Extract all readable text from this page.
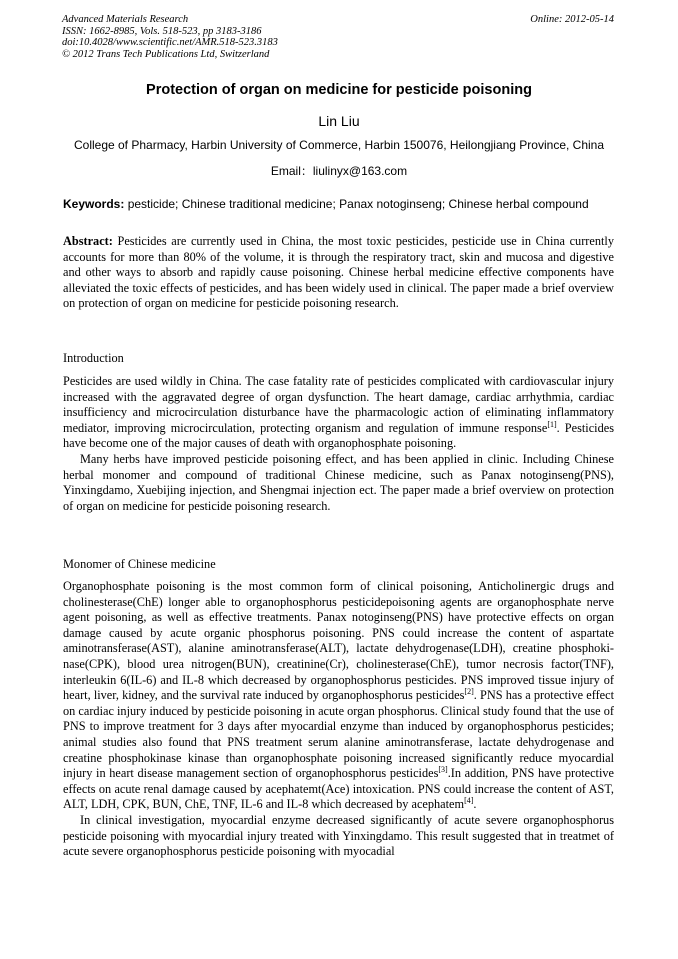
Advanced Materials Research
ISSN: 1662-8985, Vols. 518-523, pp 3183-3186
doi:10.4028/www.scientific.net/AMR.518-523.3183
© 2012 Trans Tech Publications Ltd, Switzerland
Online: 2012-05-14
Protection of organ on medicine for pesticide poisoning
Lin Liu
College of Pharmacy, Harbin University of Commerce, Harbin 150076, Heilongjiang Province, China
Email：liulinyx@163.com
Keywords: pesticide; Chinese traditional medicine; Panax notoginseng; Chinese herbal compound

Abstract: Pesticides are currently used in China, the most toxic pesticides, pesticide use in China currently accounts for more than 80% of the volume, it is through the respiratory tract, skin and mucosa and digestive and other ways to absorb and rapidly cause poisoning. Chinese herbal medicine effective components have alleviated the toxic effects of pesticides, and has been widely used in clinical. The paper made a brief overview on protection of organ on medicine for pesticide poisoning research.

Introduction

Pesticides are used wildly in China. The case fatality rate of pesticides complicated with cardiovascular injury increased with the aggravated degree of organ dysfunction. The heart damage, cardiac arrhythmia, cardiac insufficiency and microcirculation disturbance have the pharmacologic action of eliminating inflammatory mediator, improving microcirculation, protecting organism and regulation of immune response[1]. Pesticides have become one of the major causes of death with organophosphate poisoning.

Many herbs have improved pesticide poisoning effect, and has been applied in clinic. Including Chinese herbal monomer and compound of traditional Chinese medicine, such as Panax notoginseng(PNS), Yinxingdamo, Xuebijing injection, and Shengmai injection ect. The paper made a brief overview on protection of organ on medicine for pesticide poisoning research.

Monomer of Chinese medicine

Organophosphate poisoning is the most common form of clinical poisoning, Anticholinergic drugs and cholinesterase(ChE) longer able to organophosphorus pesticidepoisoning agents are organophosphate nerve agent poisoning, as well as effective treatments. Panax notoginseng(PNS) have protective effects on organ damage caused by acute organic phosphorus poisoning. PNS could increase the content of aspartate aminotransferase(AST), alanine aminotransferase(ALT), lactate dehydrogenase(LDH), creatine phosphoki-nase(CPK), blood urea nitrogen(BUN), creatinine(Cr), cholinesterase(ChE), tumor necrosis factor(TNF), interleukin 6(IL-6) and IL-8 which decreased by organophosphorus pesticides. PNS improved tissue injury of heart, liver, kidney, and the survival rate induced by organophosphorus pesticides[2]. PNS has a protective effect on cardiac injury induced by pesticide poisoning in acute organ phosphorus. Clinical study found that the use of PNS to improve treatment for 3 days after myocardial enzyme than induced by organophosphorus pesticides; animal studies also found that PNS treatment serum alanine aminotransferase, lactate dehydrogenase and creatine phosphokinase kinase than organophosphate poisoning increased significantly reduce myocardial injury in heart disease management section of organophosphorus pesticides[3].In addition, PNS have protective effects on acute renal damage caused by acephatemt(Ace) intoxication. PNS could increase the content of AST, ALT, LDH, CPK, BUN, ChE, TNF, IL-6 and IL-8 which decreased by acephatem[4].

In clinical investigation, myocardial enzyme decreased significantly of acute severe organophosphorus pesticide poisoning with myocardial injury treated with Yinxingdamo. This result suggested that in treatmet of acute severe organophosphorus pesticide poisoning with myocadial
